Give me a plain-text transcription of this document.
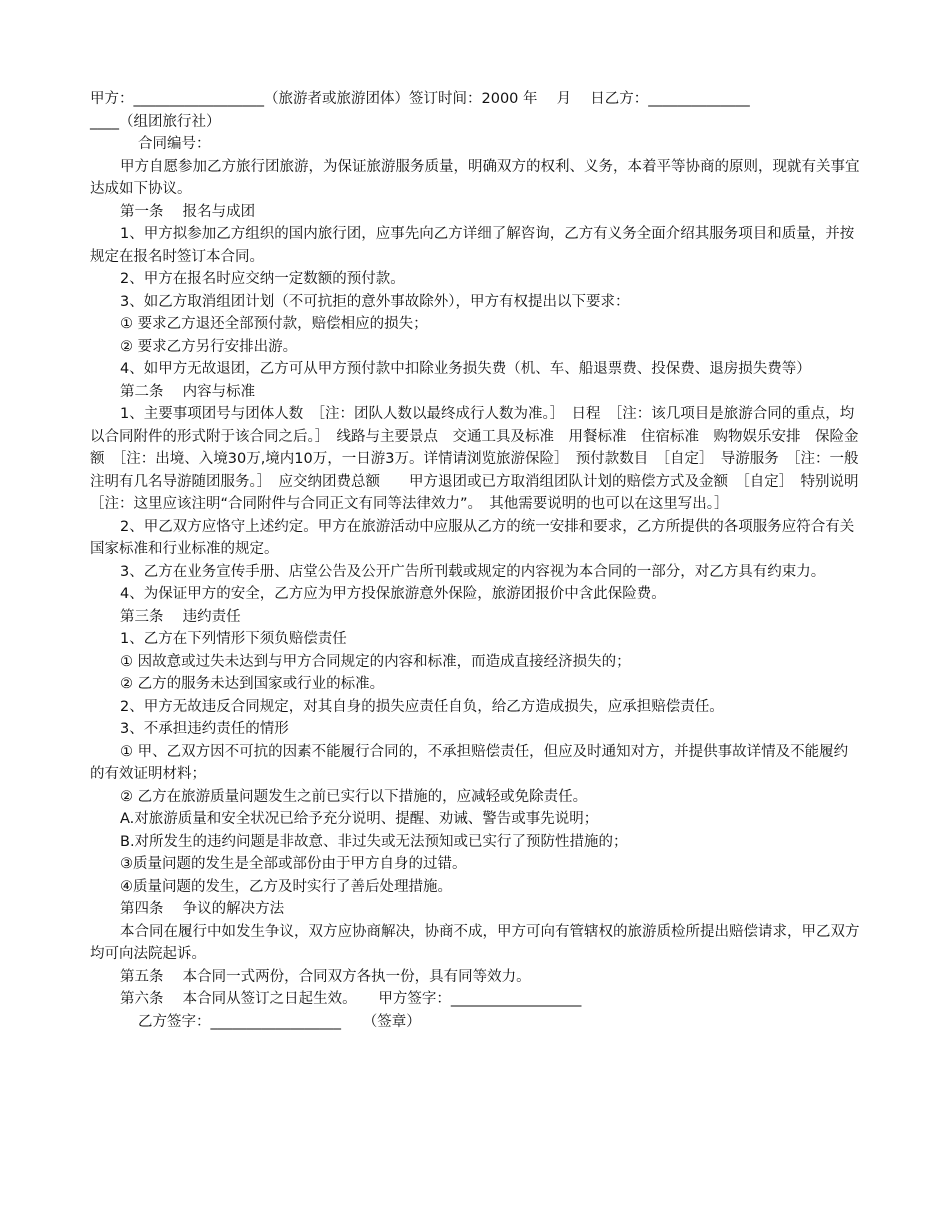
甲方：__________________（旅游者或旅游团体）签订时间：2000 年　 月　 日乙方：______________

____（组团旅行社）

合同编号：

甲方自愿参加乙方旅行团旅游，为保证旅游服务质量，明确双方的权利、义务，本着平等协商的原则，现就有关事宜达成如下协议。

第一条　 报名与成团

1、甲方拟参加乙方组织的国内旅行团，应事先向乙方详细了解咨询，乙方有义务全面介绍其服务项目和质量，并按规定在报名时签订本合同。

2、甲方在报名时应交纳一定数额的预付款。

3、如乙方取消组团计划（不可抗拒的意外事故除外），甲方有权提出以下要求：

① 要求乙方退还全部预付款，赔偿相应的损失；

② 要求乙方另行安排出游。

4、如甲方无故退团，乙方可从甲方预付款中扣除业务损失费（机、车、船退票费、投保费、退房损失费等）

第二条　 内容与标准

1、主要事项团号与团体人数　［注：团队人数以最终成行人数为准。］　日程　［注：该几项目是旅游合同的重点，均以合同附件的形式附于该合同之后。］　线路与主要景点　交通工具及标准　用餐标准　住宿标准　购物娱乐安排　保险金额　［注：出境、入境30万,境内10万，一日游3万。详情请浏览旅游保险］　预付款数目　［自定］　导游服务　［注：一般注明有几名导游随团服务。］　应交纳团费总额　　甲方退团或已方取消组团队计划的赔偿方式及金额　［自定］　特别说明　［注：这里应该注明“合同附件与合同正文有同等法律效力”。　其他需要说明的也可以在这里写出。］

2、甲乙双方应恪守上述约定。甲方在旅游活动中应服从乙方的统一安排和要求，乙方所提供的各项服务应符合有关国家标准和行业标准的规定。

3、乙方在业务宣传手册、店堂公告及公开广告所刊载或规定的内容视为本合同的一部分，对乙方具有约束力。

4、为保证甲方的安全，乙方应为甲方投保旅游意外保险，旅游团报价中含此保险费。

第三条　 违约责任

1、乙方在下列情形下须负赔偿责任

① 因故意或过失未达到与甲方合同规定的内容和标准，而造成直接经济损失的；

② 乙方的服务未达到国家或行业的标准。

2、甲方无故违反合同规定，对其自身的损失应责任自负，给乙方造成损失，应承担赔偿责任。

3、不承担违约责任的情形

① 甲、乙双方因不可抗的因素不能履行合同的，不承担赔偿责任，但应及时通知对方，并提供事故详情及不能履约的有效证明材料；

② 乙方在旅游质量问题发生之前已实行以下措施的，应减轻或免除责任。

A.对旅游质量和安全状况已给予充分说明、提醒、劝诫、警告或事先说明；

B.对所发生的违约问题是非故意、非过失或无法预知或已实行了预防性措施的；

③质量问题的发生是全部或部份由于甲方自身的过错。

④质量问题的发生，乙方及时实行了善后处理措施。

第四条　 争议的解决方法

本合同在履行中如发生争议，双方应协商解决，协商不成，甲方可向有管辖权的旅游质检所提出赔偿请求，甲乙双方均可向法院起诉。

第五条　 本合同一式两份，合同双方各执一份，具有同等效力。

第六条　 本合同从签订之日起生效。　　甲方签字：__________________

乙方签字：__________________　　（签章）
